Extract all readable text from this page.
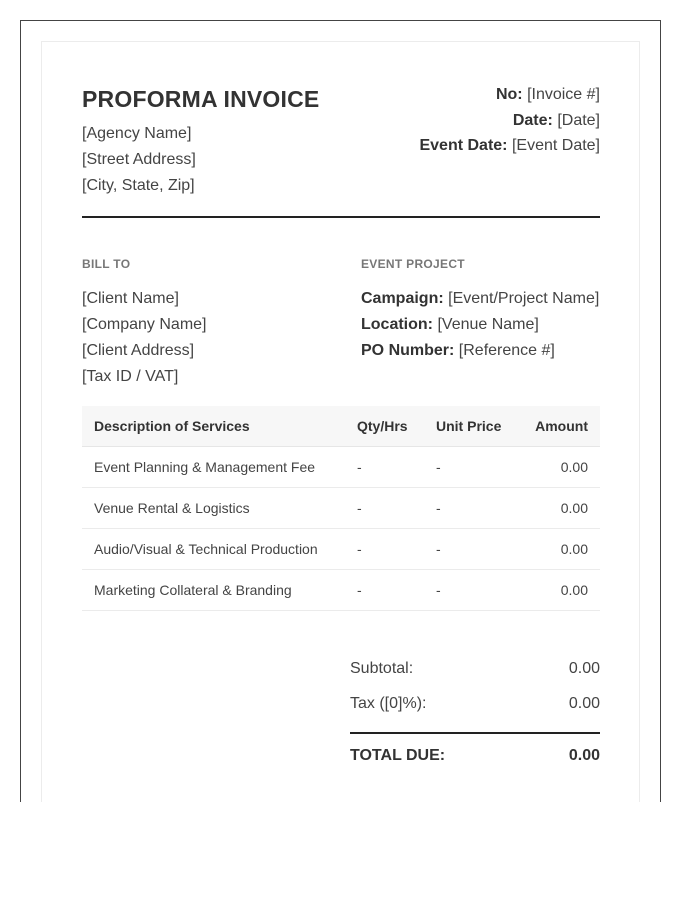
PROFORMA INVOICE
[Agency Name]
[Street Address]
[City, State, Zip]
No: [Invoice #]
Date: [Date]
Event Date: [Event Date]
BILL TO
[Client Name]
[Company Name]
[Client Address]
[Tax ID / VAT]
EVENT PROJECT
Campaign: [Event/Project Name]
Location: [Venue Name]
PO Number: [Reference #]
Description of Services	Qty/Hrs	Unit Price	Amount
Event Planning & Management Fee	-	-	0.00
Venue Rental & Logistics	-	-	0.00
Audio/Visual & Technical Production	-	-	0.00
Marketing Collateral & Branding	-	-	0.00
Subtotal:	0.00
Tax ([0]%):	0.00
TOTAL DUE:	0.00
